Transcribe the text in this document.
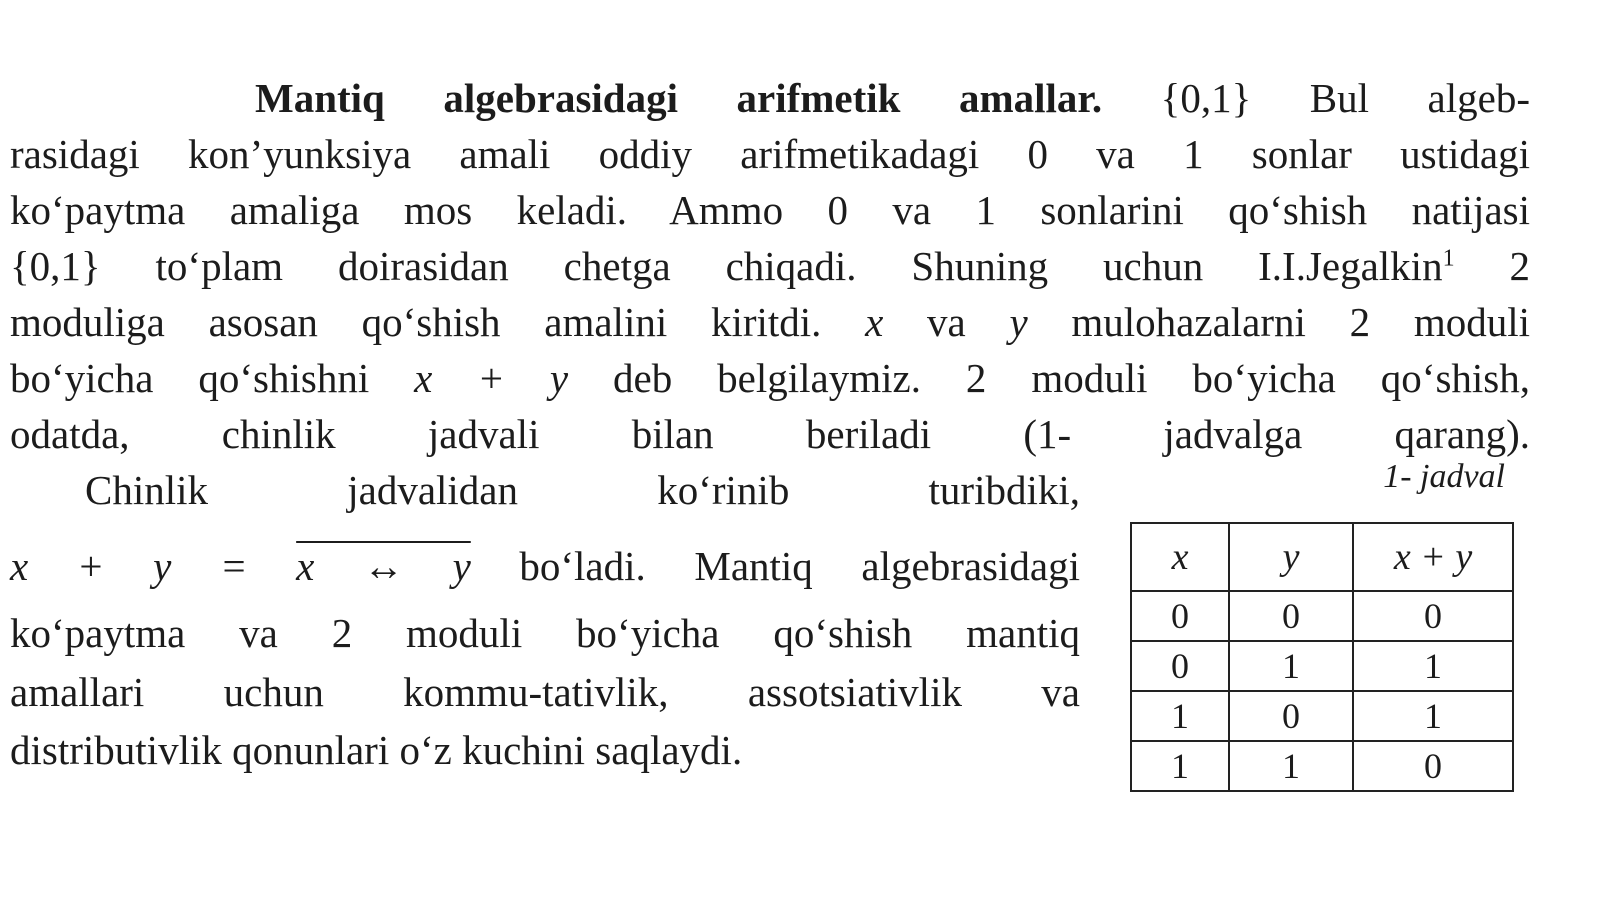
Mantiq algebrasidagi arifmetik amallar. {0,1} Bul algeb-
rasidagi kon’yunksiya amali oddiy arifmetikadagi 0 va 1 sonlar ustidagi
ko‘paytma amaliga mos keladi. Ammo 0 va 1 sonlarini qo‘shish natijasi
{0,1} to‘plam doirasidan chetga chiqadi. Shuning uchun I.I.Jegalkin$^1$ 2
moduliga asosan qo‘shish amalini kiritdi. x va y mulohazalarni 2 moduli
bo‘yicha qo‘shishni x + y deb belgilaymiz. 2 moduli bo‘yicha qo‘shish,
odatda, chinlik jadvali bilan beriladi (1- jadvalga qarang).
Chinlik jadvalidan ko‘rinib turibdiki,
x + y = x ↔ y bo‘ladi. Mantiq algebrasidagi
ko‘paytma va 2 moduli bo‘yicha qo‘shish mantiq
amallari uchun kommu-tativlik, assotsiativlik va
distributivlik qonunlari o‘z kuchini saqlaydi.
1- jadval
x	y	x + y
0	0	0
0	1	1
1	0	1
1	1	0
